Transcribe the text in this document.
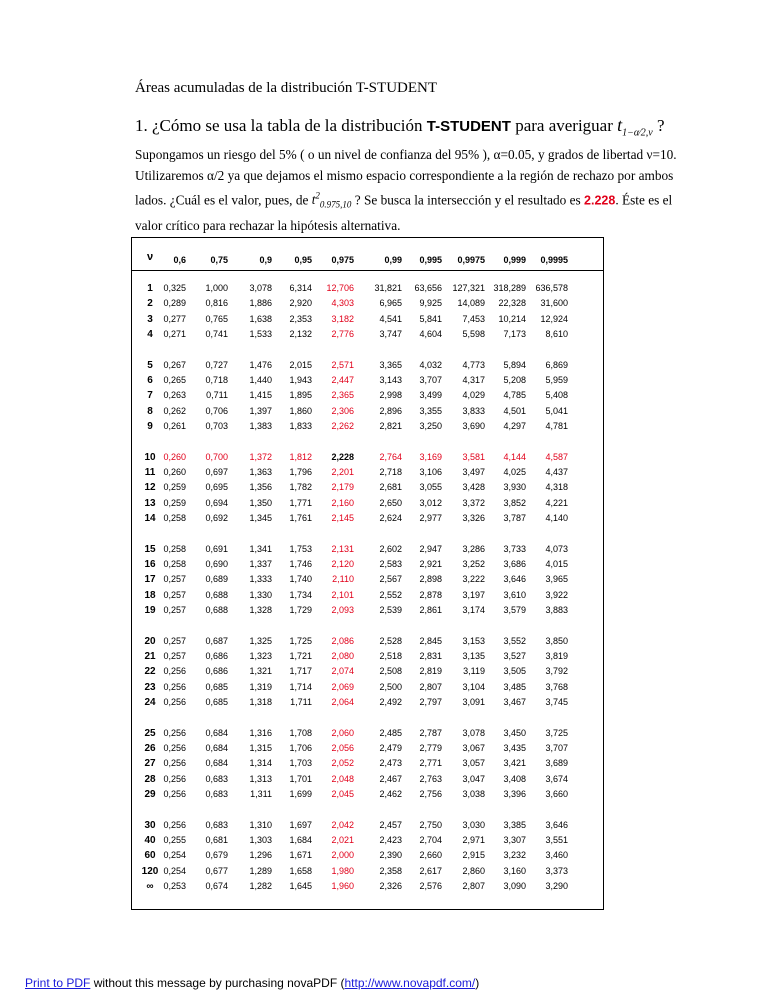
Áreas acumuladas de la distribución T-STUDENT
1. ¿Cómo se usa la tabla de la distribución T-STUDENT para averiguar $t_{1-\alpha⁄2,\nu}$ ?
Supongamos un riesgo del 5% ( o un nivel de confianza del 95% ), α=0.05, y grados de libertad ν=10.
Utilizaremos α/2 ya que dejamos el mismo espacio correspondiente a la región de rechazo por ambos
lados. ¿Cuál es el valor, pues, de $t^2_{0.975,10}$ ? Se busca la intersección y el resultado es 2.228. Éste es el
valor crítico para rechazar la hipótesis alternativa.
ν	0,6	0,75	0,9	0,95	0,975	0,99	0,995	0,9975	0,999	0,9995
1	0,325	1,000	3,078	6,314	12,706	31,821	63,656	127,321 318,289	636,578
2	0,289	0,816	1,886	2,920	4,303	6,965	9,925	14,089	22,328	31,600
3	0,277	0,765	1,638	2,353	3,182	4,541	5,841	7,453	10,214	12,924
4	0,271	0,741	1,533	2,132	2,776	3,747	4,604	5,598	7,173	8,610
5	0,267	0,727	1,476	2,015	2,571	3,365	4,032	4,773	5,894	6,869
6	0,265	0,718	1,440	1,943	2,447	3,143	3,707	4,317	5,208	5,959
7	0,263	0,711	1,415	1,895	2,365	2,998	3,499	4,029	4,785	5,408
8	0,262	0,706	1,397	1,860	2,306	2,896	3,355	3,833	4,501	5,041
9	0,261	0,703	1,383	1,833	2,262	2,821	3,250	3,690	4,297	4,781
10 0,260	0,700	1,372	1,812	2,228	2,764	3,169	3,581	4,144	4,587
11 0,260	0,697	1,363	1,796	2,201	2,718	3,106	3,497	4,025	4,437
12 0,259	0,695	1,356	1,782	2,179	2,681	3,055	3,428	3,930	4,318
13 0,259	0,694	1,350	1,771	2,160	2,650	3,012	3,372	3,852	4,221
14 0,258	0,692	1,345	1,761	2,145	2,624	2,977	3,326	3,787	4,140
15 0,258	0,691	1,341	1,753	2,131	2,602	2,947	3,286	3,733	4,073
16 0,258	0,690	1,337	1,746	2,120	2,583	2,921	3,252	3,686	4,015
17 0,257	0,689	1,333	1,740	2,110	2,567	2,898	3,222	3,646	3,965
18 0,257	0,688	1,330	1,734	2,101	2,552	2,878	3,197	3,610	3,922
19 0,257	0,688	1,328	1,729	2,093	2,539	2,861	3,174	3,579	3,883
20 0,257	0,687	1,325	1,725	2,086	2,528	2,845	3,153	3,552	3,850
21 0,257	0,686	1,323	1,721	2,080	2,518	2,831	3,135	3,527	3,819
22 0,256	0,686	1,321	1,717	2,074	2,508	2,819	3,119	3,505	3,792
23 0,256	0,685	1,319	1,714	2,069	2,500	2,807	3,104	3,485	3,768
24 0,256	0,685	1,318	1,711	2,064	2,492	2,797	3,091	3,467	3,745
25 0,256	0,684	1,316	1,708	2,060	2,485	2,787	3,078	3,450	3,725
26 0,256	0,684	1,315	1,706	2,056	2,479	2,779	3,067	3,435	3,707
27 0,256	0,684	1,314	1,703	2,052	2,473	2,771	3,057	3,421	3,689
28 0,256	0,683	1,313	1,701	2,048	2,467	2,763	3,047	3,408	3,674
29 0,256	0,683	1,311	1,699	2,045	2,462	2,756	3,038	3,396	3,660
30 0,256	0,683	1,310	1,697	2,042	2,457	2,750	3,030	3,385	3,646
40 0,255	0,681	1,303	1,684	2,021	2,423	2,704	2,971	3,307	3,551
60 0,254	0,679	1,296	1,671	2,000	2,390	2,660	2,915	3,232	3,460
120 0,254	0,677	1,289	1,658	1,980	2,358	2,617	2,860	3,160	3,373
∞	0,253	0,674	1,282	1,645	1,960	2,326	2,576	2,807	3,090	3,290
Print to PDF without this message by purchasing novaPDF (http://www.novapdf.com/)
